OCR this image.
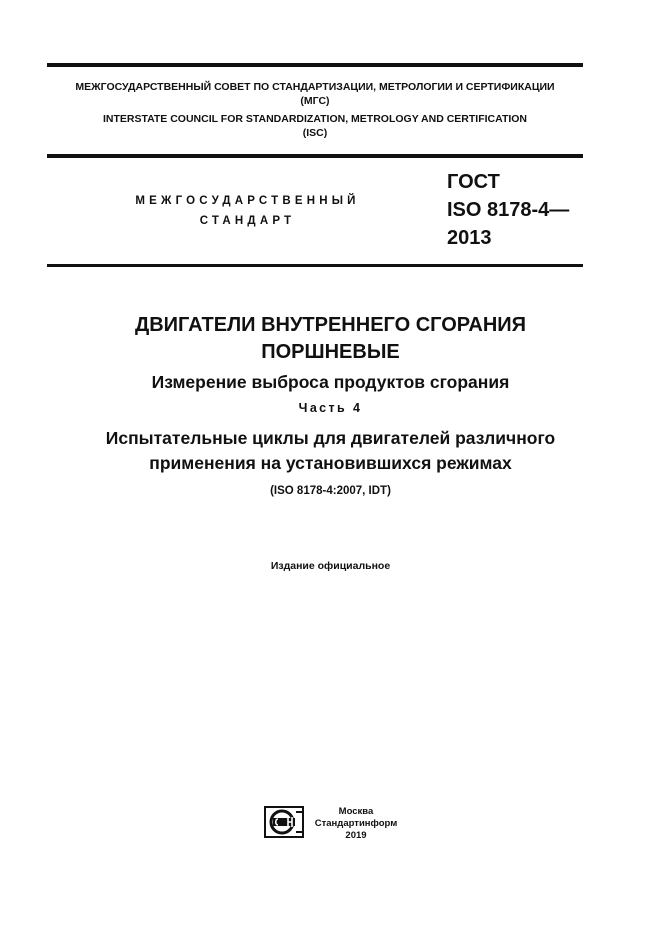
МЕЖГОСУДАРСТВЕННЫЙ СОВЕТ ПО СТАНДАРТИЗАЦИИ, МЕТРОЛОГИИ И СЕРТИФИКАЦИИ
(МГС)
INTERSTATE COUNCIL FOR STANDARDIZATION, METROLOGY AND CERTIFICATION
(ISC)
МЕЖГОСУДАРСТВЕННЫЙ
СТАНДАРТ
ГОСТ
ISO 8178-4—
2013
ДВИГАТЕЛИ ВНУТРЕННЕГО СГОРАНИЯ
ПОРШНЕВЫЕ
Измерение выброса продуктов сгорания
Часть 4
Испытательные циклы для двигателей различного
применения на установившихся режимах
(ISO 8178-4:2007, IDT)
Издание официальное
Москва
Стандартинформ
2019
